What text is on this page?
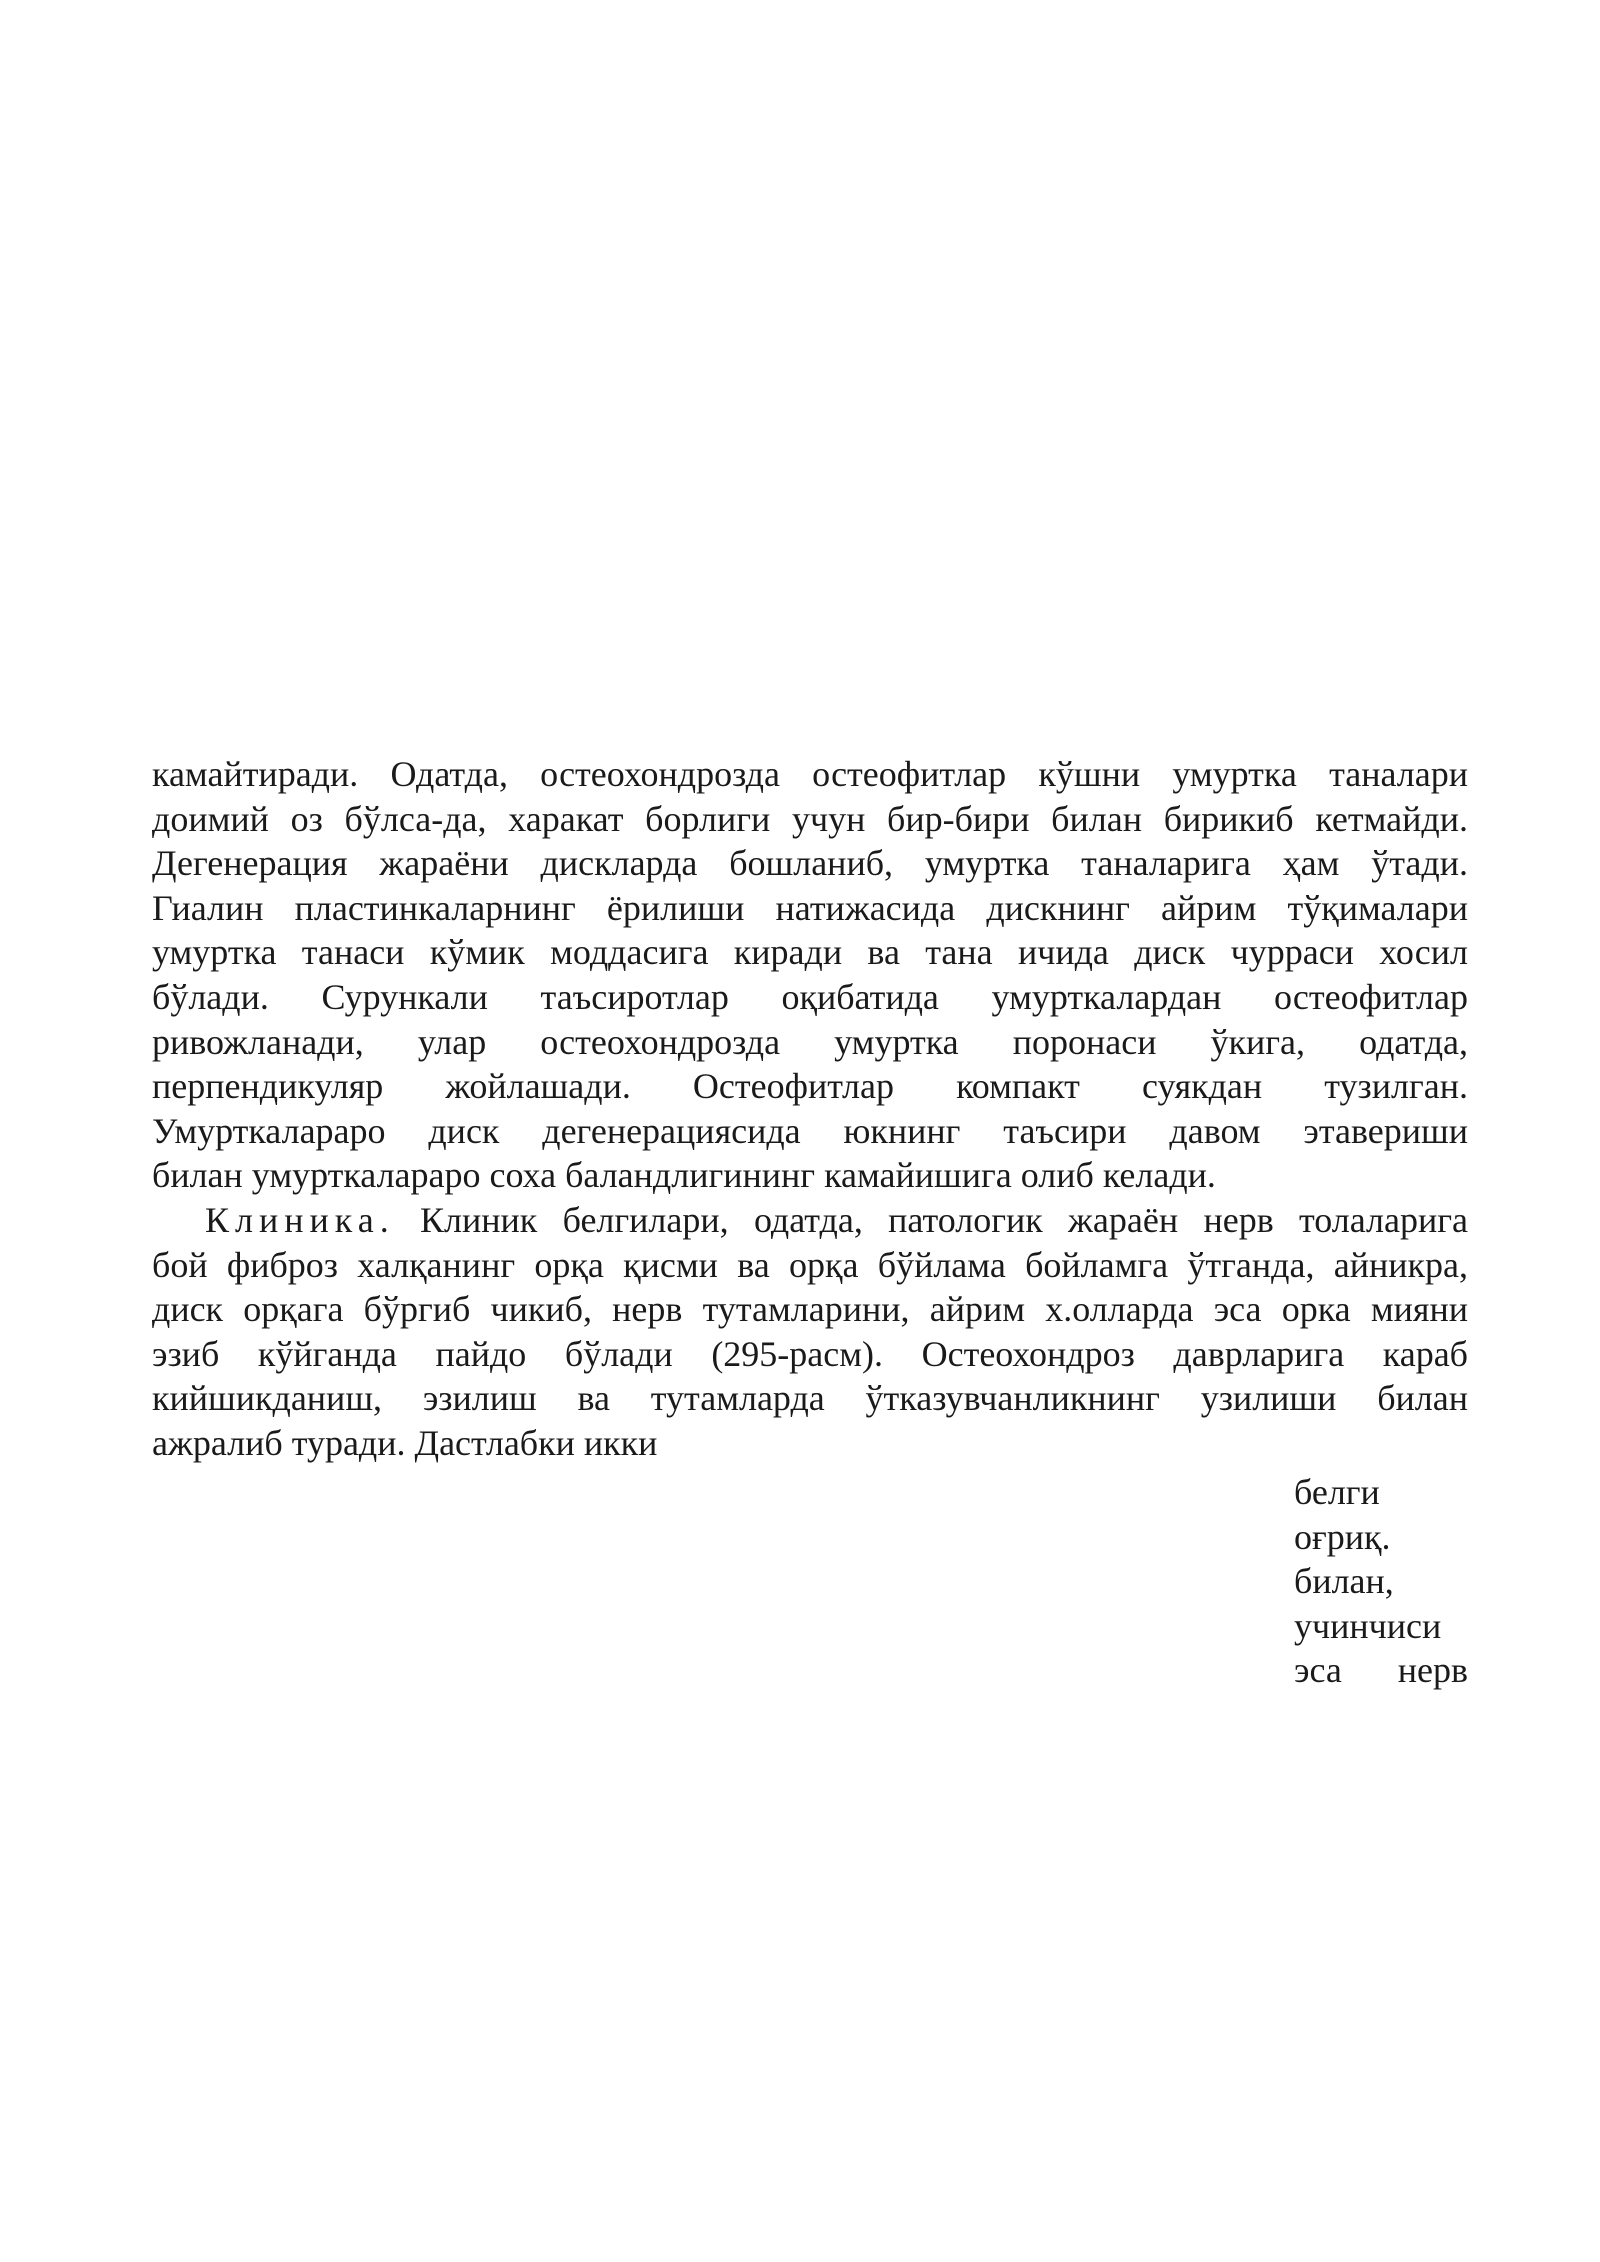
камайтиради. Одатда, остеохондрозда остеофитлар кўшни умуртка таналари
доимий оз бўлса-да, харакат борлиги учун бир-бири билан бирикиб кетмайди.
Дегенерация жараёни дискларда бошланиб, умуртка таналарига ҳам ўтади.
Гиалин пластинкаларнинг ёрилиши натижасида дискнинг айрим тўқималари
умуртка танаси кўмик моддасига киради ва тана ичида диск чурраси хосил
бўлади. Сурункали таъсиротлар оқибатида умурткалардан остеофитлар
ривожланади, улар остеохондрозда умуртка поронаси ўкига, одатда,
перпендикуляр жойлашади. Остеофитлар компакт суякдан тузилган.
Умурткалараро диск дегенерациясида юкнинг таъсири давом этавериши
билан умурткалараро соха баландлигининг камайишига олиб келади.

Клиника. Клиник белгилари, одатда, патологик жараён нерв толаларига
бой фиброз халқанинг орқа қисми ва орқа бўйлама бойламга ўтганда, айникра,
диск орқага бўргиб чикиб, нерв тутамларини, айрим х.олларда эса орка мияни
эзиб кўйганда пайдо бўлади (295-расм). Остеохондроз даврларига караб
кийшикданиш, эзилиш ва тутамларда ўтказувчанликнинг узилиши билан
ажралиб туради. Дастлабки икки

белги
оғриқ.
билан,
учинчиси
эса нерв
